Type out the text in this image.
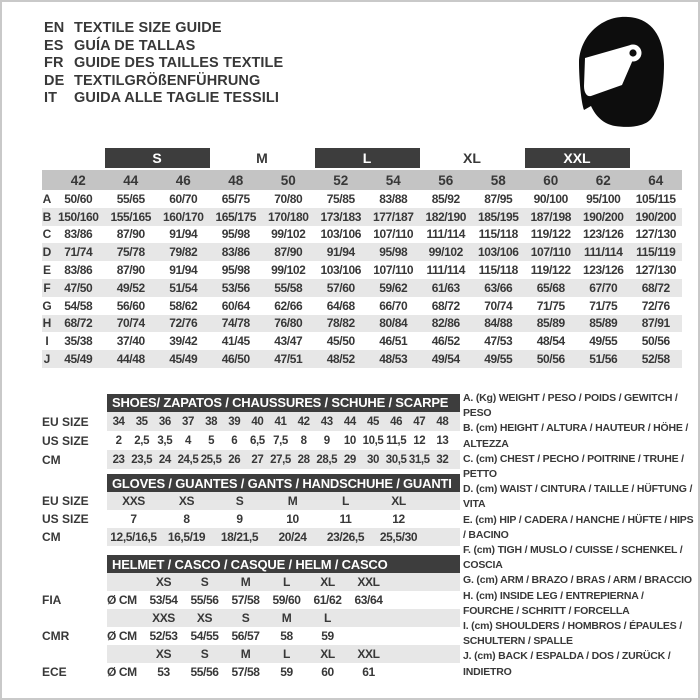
EN TEXTILE SIZE GUIDE
ES GUÍA DE TALLAS
FR GUIDE DES TAILLES TEXTILE
DE TEXTILGRÖßENFÜHRUNG
IT	GUIDA ALLE TAGLIE TESSILI
S	M	L	XL	XXL
42	44	46	48	50	52	54	56	58	60	62	64
A	50/60	55/65	60/70	65/75	70/80	75/85	83/88	85/92	87/95	90/100	95/100	105/115
B 150/160 155/165 160/170 165/175 170/180 173/183 177/187 182/190 185/195 187/198 190/200 190/200
C	83/86	87/90	91/94	95/98	99/102	103/106	107/110	111/114	115/118	119/122	123/126 127/130
D	71/74	75/78	79/82	83/86	87/90	91/94	95/98	99/102	103/106	107/110	111/114	115/119
E	83/86	87/90	91/94	95/98	99/102	103/106	107/110	111/114	115/118	119/122	123/126 127/130
F	47/50	49/52	51/54	53/56	55/58	57/60	59/62	61/63	63/66	65/68	67/70	68/72
G	54/58	56/60	58/62	60/64	62/66	64/68	66/70	68/72	70/74	71/75	71/75	72/76
H	68/72	70/74	72/76	74/78	76/80	78/82	80/84	82/86	84/88	85/89	85/89	87/91
I	35/38	37/40	39/42	41/45	43/47	45/50	46/51	46/52	47/53	48/54	49/55	50/56
J	45/49	44/48	45/49	46/50	47/51	48/52	48/53	49/54	49/55	50/56	51/56	52/58
SHOES/ ZAPATOS / CHAUSSURES / SCHUHE / SCARPE
EU SIZE	34 35 36 37 38 39 40 41 42 43 44 45 46 47 48
US SIZE	2	2,5 3,5	4	5	6	6,5 7,5	8	9	10 10,5 11,5 12 13
CM	23 23,5 24 24,5 25,5 26 27 27,5 28 28,5 29 30 30,5 31,5 32
GLOVES / GUANTES / GANTS / HANDSCHUHE / GUANTI
EU SIZE	XXS	XS	S	M	L	XL
US SIZE	7	8	9	10	11	12
CM	12,5/16,5 16,5/19	18/21,5	20/24	23/26,5	25,5/30
HELMET / CASCO / CASQUE / HELM / CASCO
XS	S	M	L	XL	XXL
FIA	Ø CM	53/54	55/56	57/58	59/60	61/62	63/64
XXS	XS	S	M	L
CMR	Ø CM	52/53	54/55	56/57	58	59
XS	S	M	L	XL	XXL
ECE	Ø CM	53	55/56	57/58	59	60	61
A. (Kg) WEIGHT / PESO / POIDS / GEWITCH / PESO
B. (cm) HEIGHT / ALTURA / HAUTEUR / HÖHE / ALTEZZA
C. (cm) CHEST / PECHO / POITRINE / TRUHE / PETTO
D. (cm) WAIST / CINTURA / TAILLE / HÜFTUNG / VITA
E. (cm) HIP / CADERA / HANCHE / HÜFTE / HIPS / BACINO
F. (cm) TIGH / MUSLO / CUISSE / SCHENKEL / COSCIA
G. (cm) ARM / BRAZO / BRAS / ARM / BRACCIO
H. (cm) INSIDE LEG / ENTREPIERNA / FOURCHE / SCHRITT / FORCELLA
I. (cm) SHOULDERS / HOMBROS / ÉPAULES / SCHULTERN / SPALLE
J. (cm) BACK / ESPALDA / DOS / ZURÜCK / INDIETRO
